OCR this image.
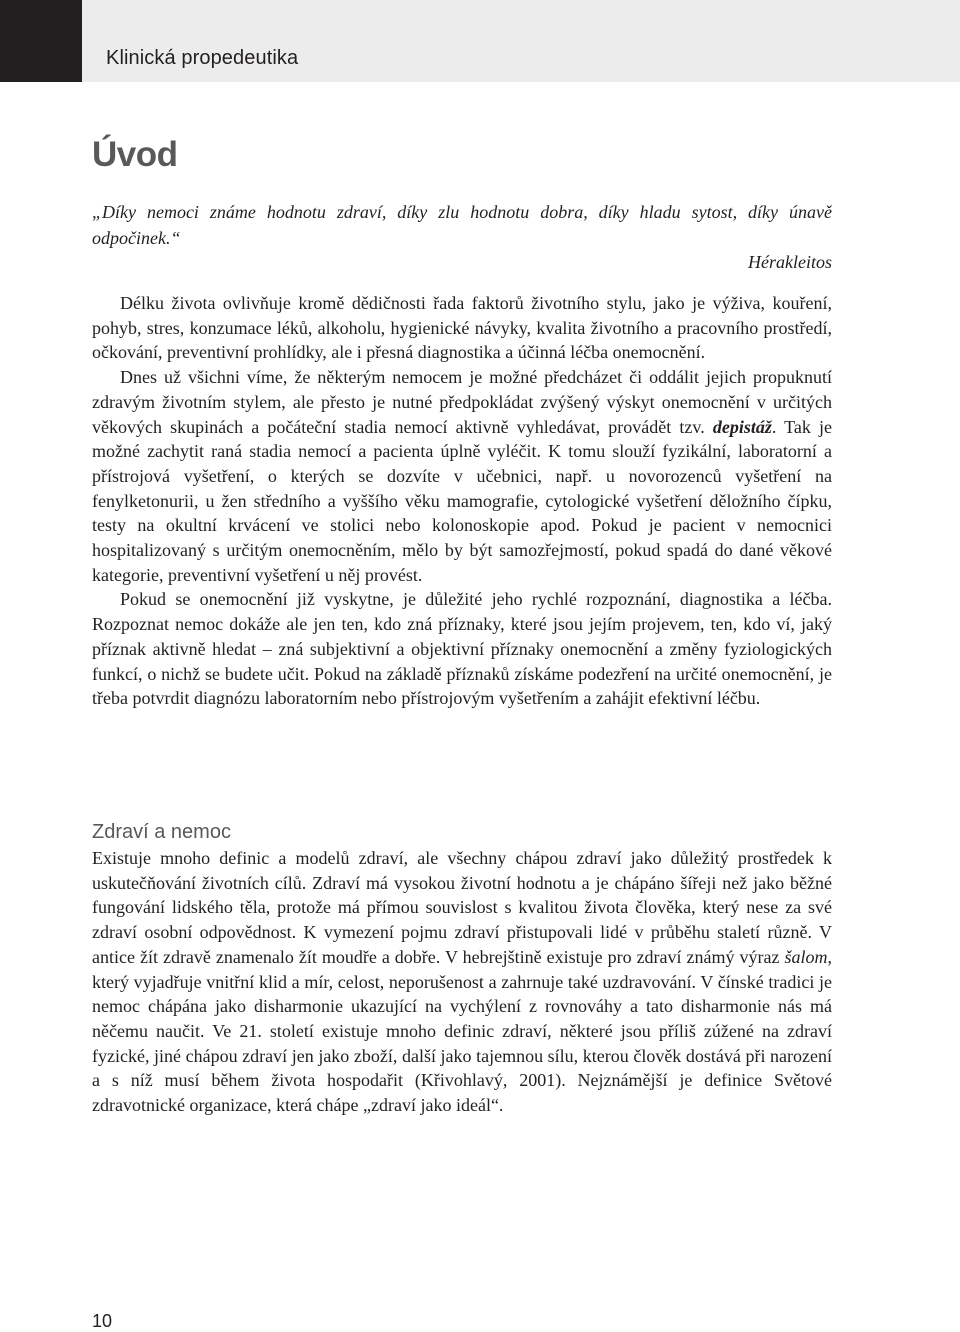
Klinická propedeutika
Úvod

„Díky nemoci známe hodnotu zdraví, díky zlu hodnotu dobra, díky hladu sytost, díky únavě odpočinek.“

Hérakleitos

Délku života ovlivňuje kromě dědičnosti řada faktorů životního stylu, jako je výživa, kouření, pohyb, stres, konzumace léků, alkoholu, hygienické návyky, kvalita životního a pracovního prostředí, očkování, preventivní prohlídky, ale i přesná diagnostika a účinná léčba onemocnění.

Dnes už všichni víme, že některým nemocem je možné předcházet či oddálit jejich propuknutí zdravým životním stylem, ale přesto je nutné předpokládat zvýšený výskyt onemocnění v určitých věkových skupinách a počáteční stadia nemocí aktivně vyhledávat, provádět tzv. depistáž. Tak je možné zachytit raná stadia nemocí a pacienta úplně vyléčit. K tomu slouží fyzikální, laboratorní a přístrojová vyšetření, o kterých se dozvíte v učebnici, např. u novorozenců vyšetření na fenylketonurii, u žen středního a vyššího věku mamografie, cytologické vyšetření děložního čípku, testy na okultní krvácení ve stolici nebo kolonoskopie apod. Pokud je pacient v nemocnici hospitalizovaný s určitým onemocněním, mělo by být samozřejmostí, pokud spadá do dané věkové kategorie, preventivní vyšetření u něj provést.

Pokud se onemocnění již vyskytne, je důležité jeho rychlé rozpoznání, diagnostika a léčba. Rozpoznat nemoc dokáže ale jen ten, kdo zná příznaky, které jsou jejím projevem, ten, kdo ví, jaký příznak aktivně hledat – zná subjektivní a objektivní příznaky onemocnění a změny fyziologických funkcí, o nichž se budete učit. Pokud na základě příznaků získáme podezření na určité onemocnění, je třeba potvrdit diagnózu laboratorním nebo přístrojovým vyšetřením a zahájit efektivní léčbu.

Zdraví a nemoc

Existuje mnoho definic a modelů zdraví, ale všechny chápou zdraví jako důležitý prostředek k uskutečňování životních cílů. Zdraví má vysokou životní hodnotu a je chápáno šířeji než jako běžné fungování lidského těla, protože má přímou souvislost s kvalitou života člověka, který nese za své zdraví osobní odpovědnost. K vymezení pojmu zdraví přistupovali lidé v průběhu staletí různě. V antice žít zdravě znamenalo žít moudře a dobře. V hebrejštině existuje pro zdraví známý výraz šalom, který vyjadřuje vnitřní klid a mír, celost, neporušenost a zahrnuje také uzdravování. V čínské tradici je nemoc chápána jako disharmonie ukazující na vychýlení z rovnováhy a tato disharmonie nás má něčemu naučit. Ve 21. století existuje mnoho definic zdraví, některé jsou příliš zúžené na zdraví fyzické, jiné chápou zdraví jen jako zboží, další jako tajemnou sílu, kterou člověk dostává při narození a s níž musí během života hospodařit (Křivohlavý, 2001). Nejznámější je definice Světové zdravotnické organizace, která chápe „zdraví jako ideál“.

10
